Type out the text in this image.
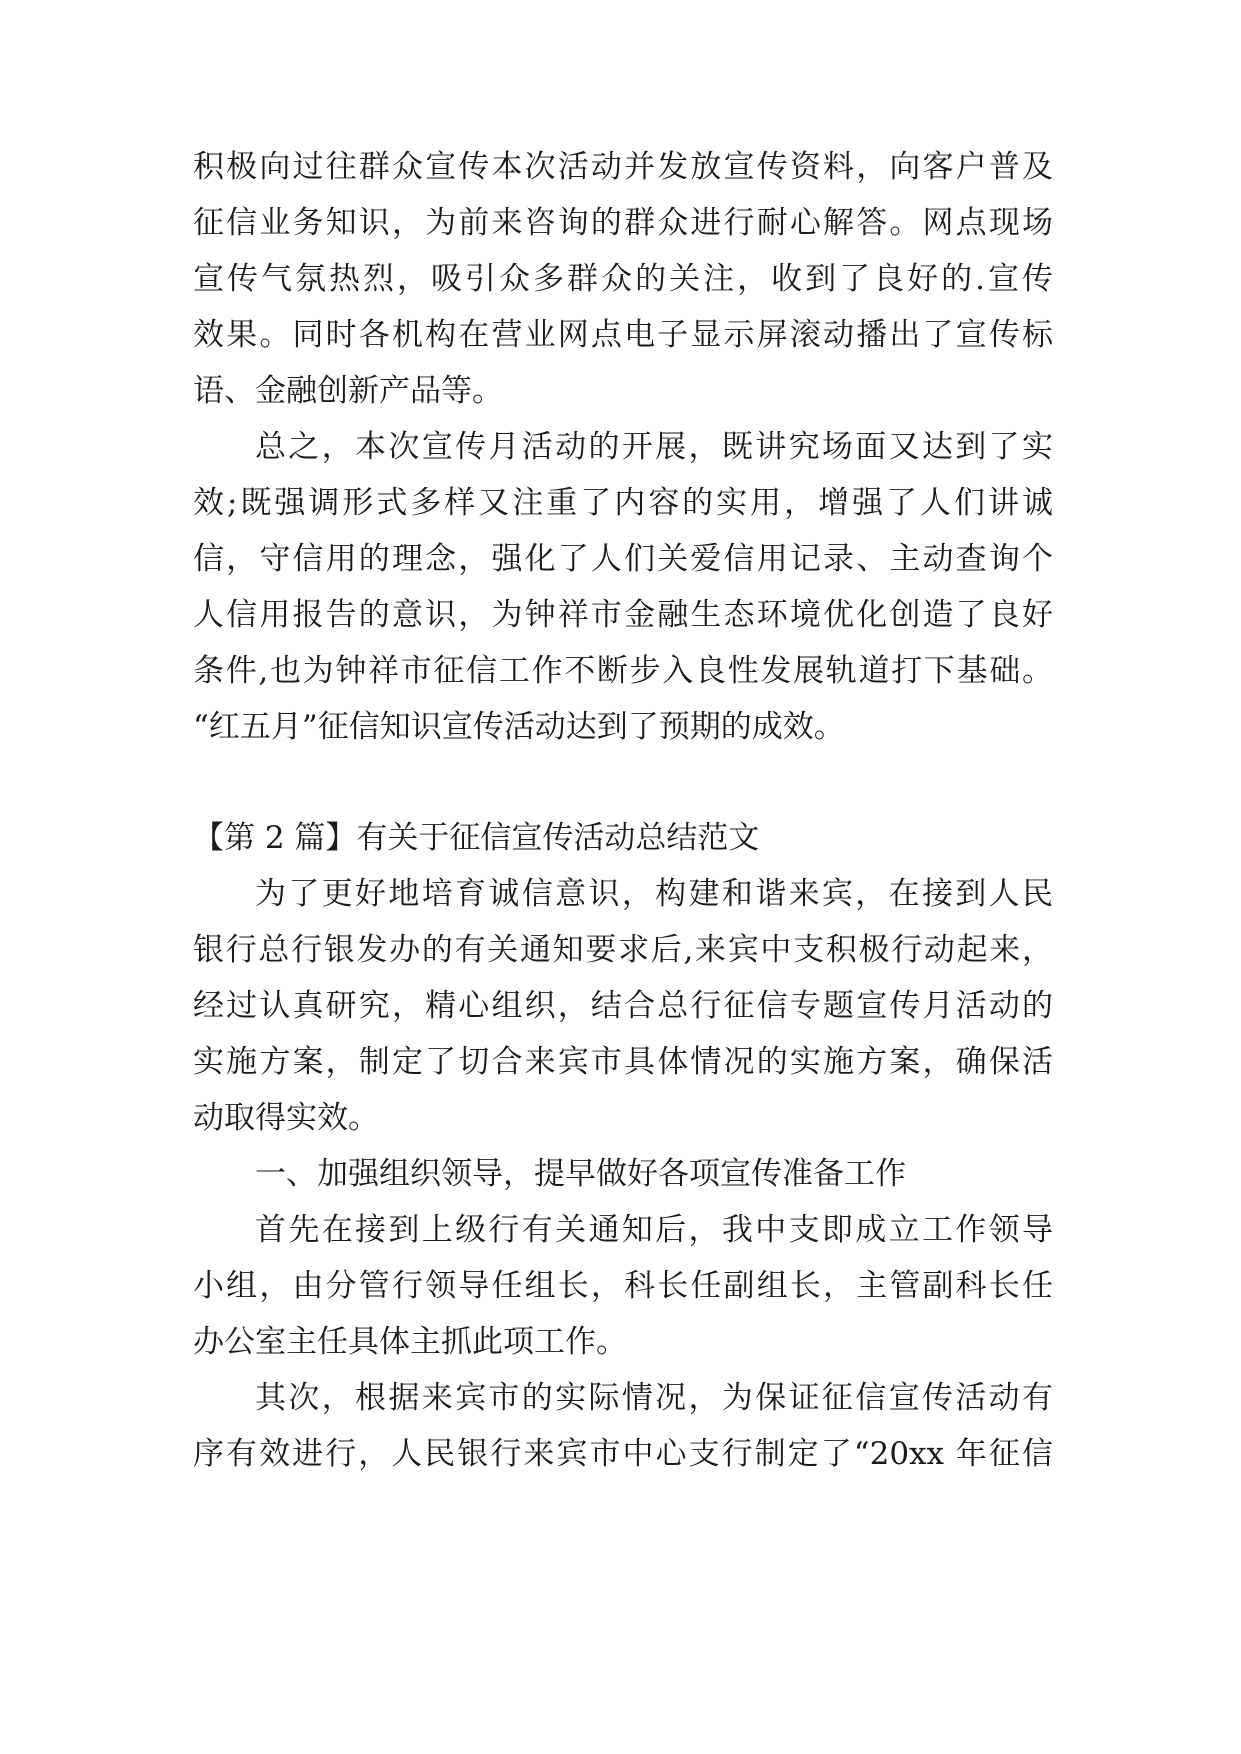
积极向过往群众宣传本次活动并发放宣传资料，向客户普及
征信业务知识，为前来咨询的群众进行耐心解答。网点现场
宣传气氛热烈，吸引众多群众的关注，收到了良好的.宣传
效果。同时各机构在营业网点电子显示屏滚动播出了宣传标
语、金融创新产品等。
总之，本次宣传月活动的开展，既讲究场面又达到了实
效;既强调形式多样又注重了内容的实用，增强了人们讲诚
信，守信用的理念，强化了人们关爱信用记录、主动查询个
人信用报告的意识，为钟祥市金融生态环境优化创造了良好
条件,也为钟祥市征信工作不断步入良性发展轨道打下基础。
“红五月”征信知识宣传活动达到了预期的成效。
【第 2 篇】有关于征信宣传活动总结范文
为了更好地培育诚信意识，构建和谐来宾，在接到人民
银行总行银发办的有关通知要求后,来宾中支积极行动起来，
经过认真研究，精心组织，结合总行征信专题宣传月活动的
实施方案，制定了切合来宾市具体情况的实施方案，确保活
动取得实效。
一、加强组织领导，提早做好各项宣传准备工作
首先在接到上级行有关通知后，我中支即成立工作领导
小组，由分管行领导任组长，科长任副组长，主管副科长任
办公室主任具体主抓此项工作。
其次，根据来宾市的实际情况，为保证征信宣传活动有
序有效进行，人民银行来宾市中心支行制定了“20xx 年征信
